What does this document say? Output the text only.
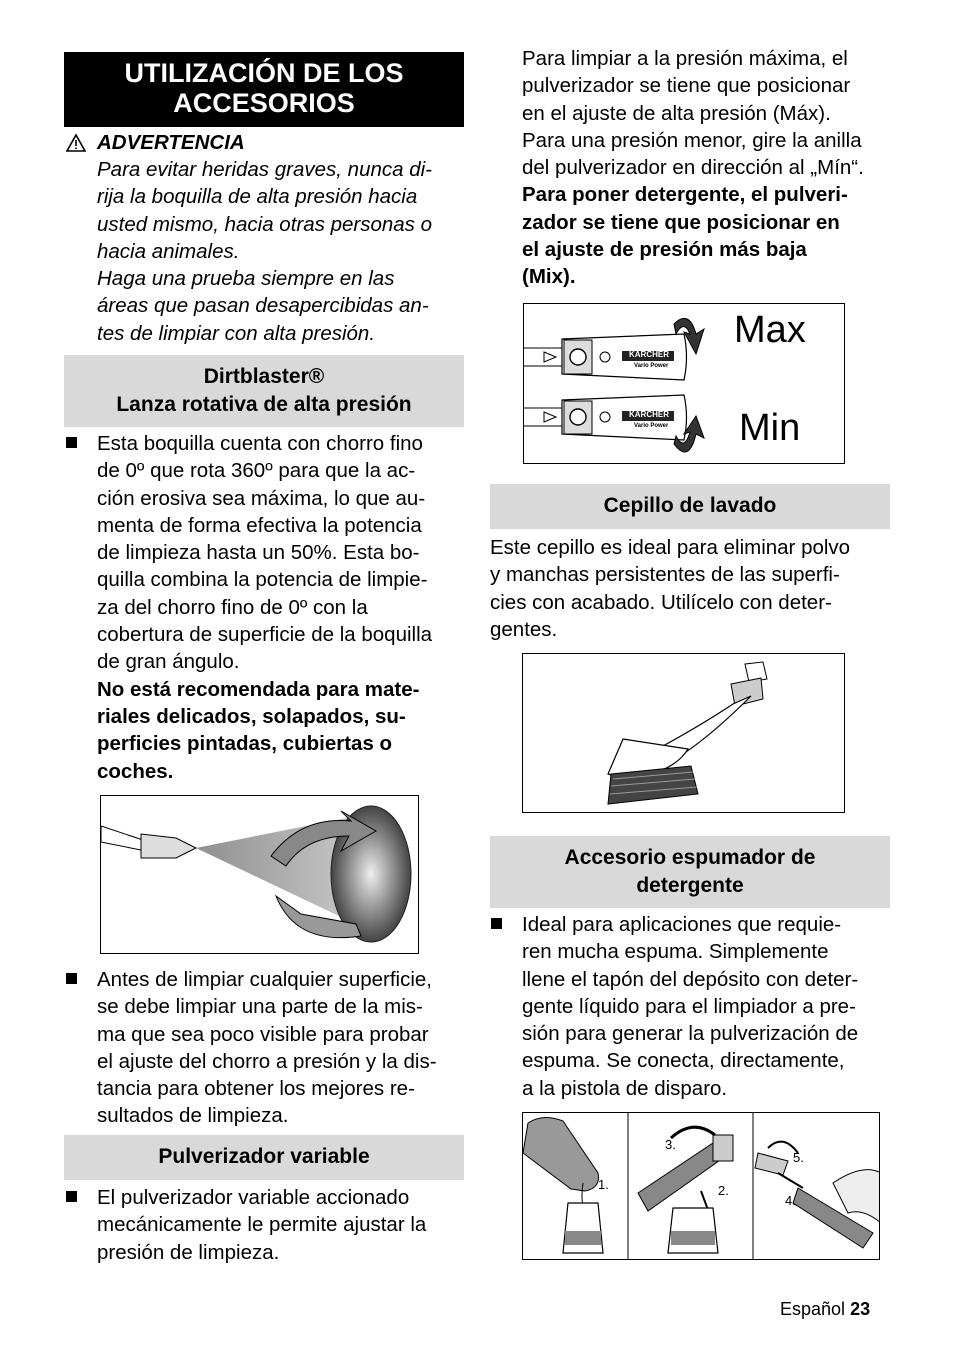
UTILIZACIÓN DE LOS
ACCESORIOS
ADVERTENCIA
Para evitar heridas graves, nunca di-
rija la boquilla de alta presión hacia
usted mismo, hacia otras personas o
hacia animales.
Haga una prueba siempre en las
áreas que pasan desapercibidas an-
tes de limpiar con alta presión.
Dirtblaster®
Lanza rotativa de alta presión
Esta boquilla cuenta con chorro fino
de 0º que rota 360º para que la ac-
ción erosiva sea máxima, lo que au-
menta de forma efectiva la potencia
de limpieza hasta un 50%. Esta bo-
quilla combina la potencia de limpie-
za del chorro fino de 0º con la
cobertura de superficie de la boquilla
de gran ángulo.
No está recomendada para mate-
riales delicados, solapados, su-
perficies pintadas, cubiertas o
coches.
Antes de limpiar cualquier superficie,
se debe limpiar una parte de la mis-
ma que sea poco visible para probar
el ajuste del chorro a presión y la dis-
tancia para obtener los mejores re-
sultados de limpieza.
Pulverizador variable
El pulverizador variable accionado
mecánicamente le permite ajustar la
presión de limpieza.
Para limpiar a la presión máxima, el
pulverizador se tiene que posicionar
en el ajuste de alta presión (Máx).
Para una presión menor, gire la anilla
del pulverizador en dirección al „Mín“.
Para poner detergente, el pulveri-
zador se tiene que posicionar en
el ajuste de presión más baja
(Mix).
KÄRCHER
Vario Power
KÄRCHER
Vario Power
Max
Min
Cepillo de lavado
Este cepillo es ideal para eliminar polvo
y manchas persistentes de las superfi-
cies con acabado. Utilícelo con deter-
gentes.
Accesorio espumador de
detergente
Ideal para aplicaciones que requie-
ren mucha espuma. Simplemente
llene el tapón del depósito con deter-
gente líquido para el limpiador a pre-
sión para generar la pulverización de
espuma. Se conecta, directamente,
a la pistola de disparo.
1.	2.
3.
4.
5.
Español 23
